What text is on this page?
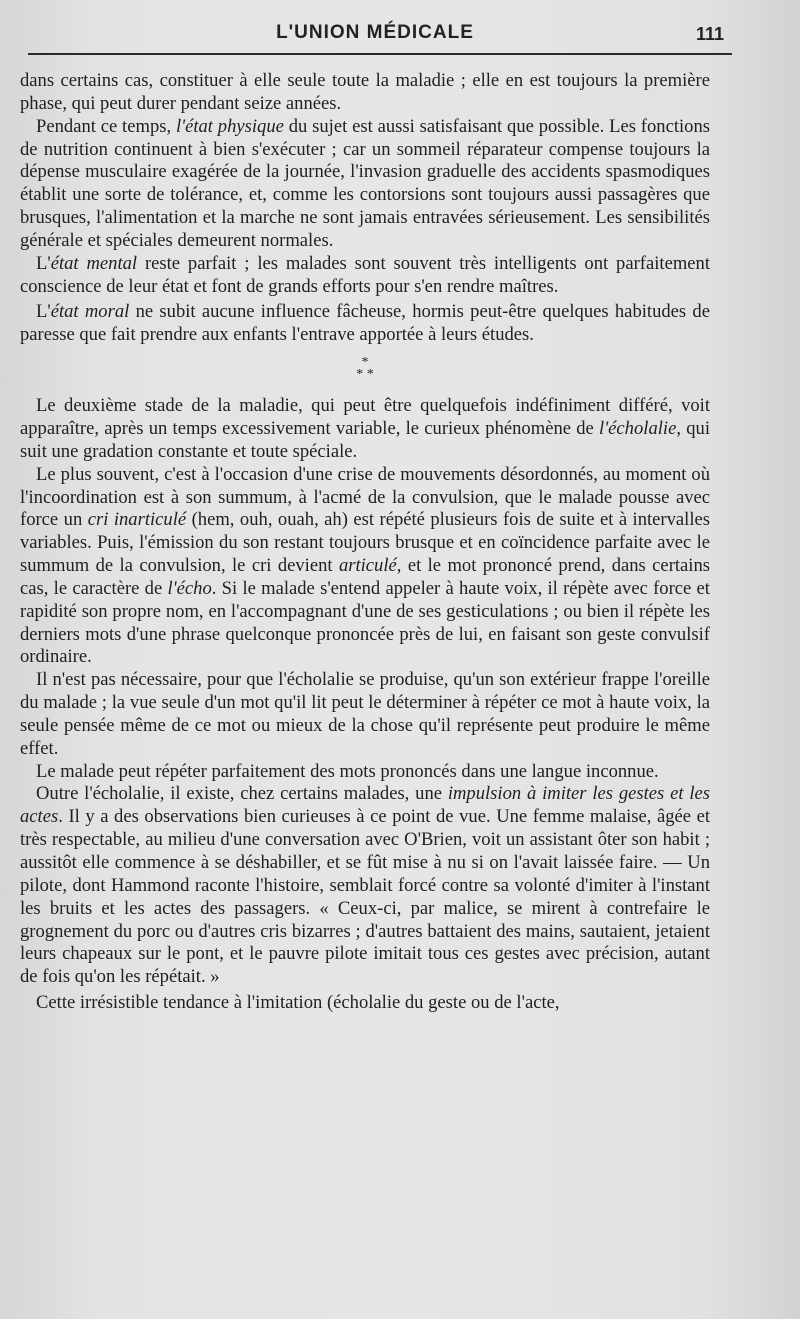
L'UNION MÉDICALE	111

dans certains cas, constituer à elle seule toute la maladie ; elle en est toujours la première phase, qui peut durer pendant seize années.

Pendant ce temps, l'état physique du sujet est aussi satisfaisant que possible. Les fonctions de nutrition continuent à bien s'exécuter ; car un sommeil réparateur compense toujours la dépense musculaire exagérée de la journée, l'invasion graduelle des accidents spasmodiques établit une sorte de tolérance, et, comme les contorsions sont toujours aussi passagères que brusques, l'alimentation et la marche ne sont jamais entravées sérieusement. Les sensibilités générale et spéciales demeurent normales.

L'état mental reste parfait ; les malades sont souvent très intelligents ont parfaitement conscience de leur état et font de grands efforts pour s'en rendre maîtres.

L'état moral ne subit aucune influence fâcheuse, hormis peut-être quelques habitudes de paresse que fait prendre aux enfants l'entrave apportée à leurs études.

*
* *

Le deuxième stade de la maladie, qui peut être quelquefois indéfiniment différé, voit apparaître, après un temps excessivement variable, le curieux phénomène de l'écholalie, qui suit une gradation constante et toute spéciale.

Le plus souvent, c'est à l'occasion d'une crise de mouvements désordonnés, au moment où l'incoordination est à son summum, à l'acmé de la convulsion, que le malade pousse avec force un cri inarticulé (hem, ouh, ouah, ah) est répété plusieurs fois de suite et à intervalles variables. Puis, l'émission du son restant toujours brusque et en coïncidence parfaite avec le summum de la convulsion, le cri devient articulé, et le mot prononcé prend, dans certains cas, le caractère de l'écho. Si le malade s'entend appeler à haute voix, il répète avec force et rapidité son propre nom, en l'accompagnant d'une de ses gesticulations ; ou bien il répète les derniers mots d'une phrase quelconque prononcée près de lui, en faisant son geste convulsif ordinaire.

Il n'est pas nécessaire, pour que l'écholalie se produise, qu'un son extérieur frappe l'oreille du malade ; la vue seule d'un mot qu'il lit peut le déterminer à répéter ce mot à haute voix, la seule pensée même de ce mot ou mieux de la chose qu'il représente peut produire le même effet.

Le malade peut répéter parfaitement des mots prononcés dans une langue inconnue.

Outre l'écholalie, il existe, chez certains malades, une impulsion à imiter les gestes et les actes. Il y a des observations bien curieuses à ce point de vue. Une femme malaise, âgée et très respectable, au milieu d'une conversation avec O'Brien, voit un assistant ôter son habit ; aussitôt elle commence à se déshabiller, et se fût mise à nu si on l'avait laissée faire. — Un pilote, dont Hammond raconte l'histoire, semblait forcé contre sa volonté d'imiter à l'instant les bruits et les actes des passagers. « Ceux-ci, par malice, se mirent à contrefaire le grognement du porc ou d'autres cris bizarres ; d'autres battaient des mains, sautaient, jetaient leurs chapeaux sur le pont, et le pauvre pilote imitait tous ces gestes avec précision, autant de fois qu'on les répétait. »

Cette irrésistible tendance à l'imitation (écholalie du geste ou de l'acte,
